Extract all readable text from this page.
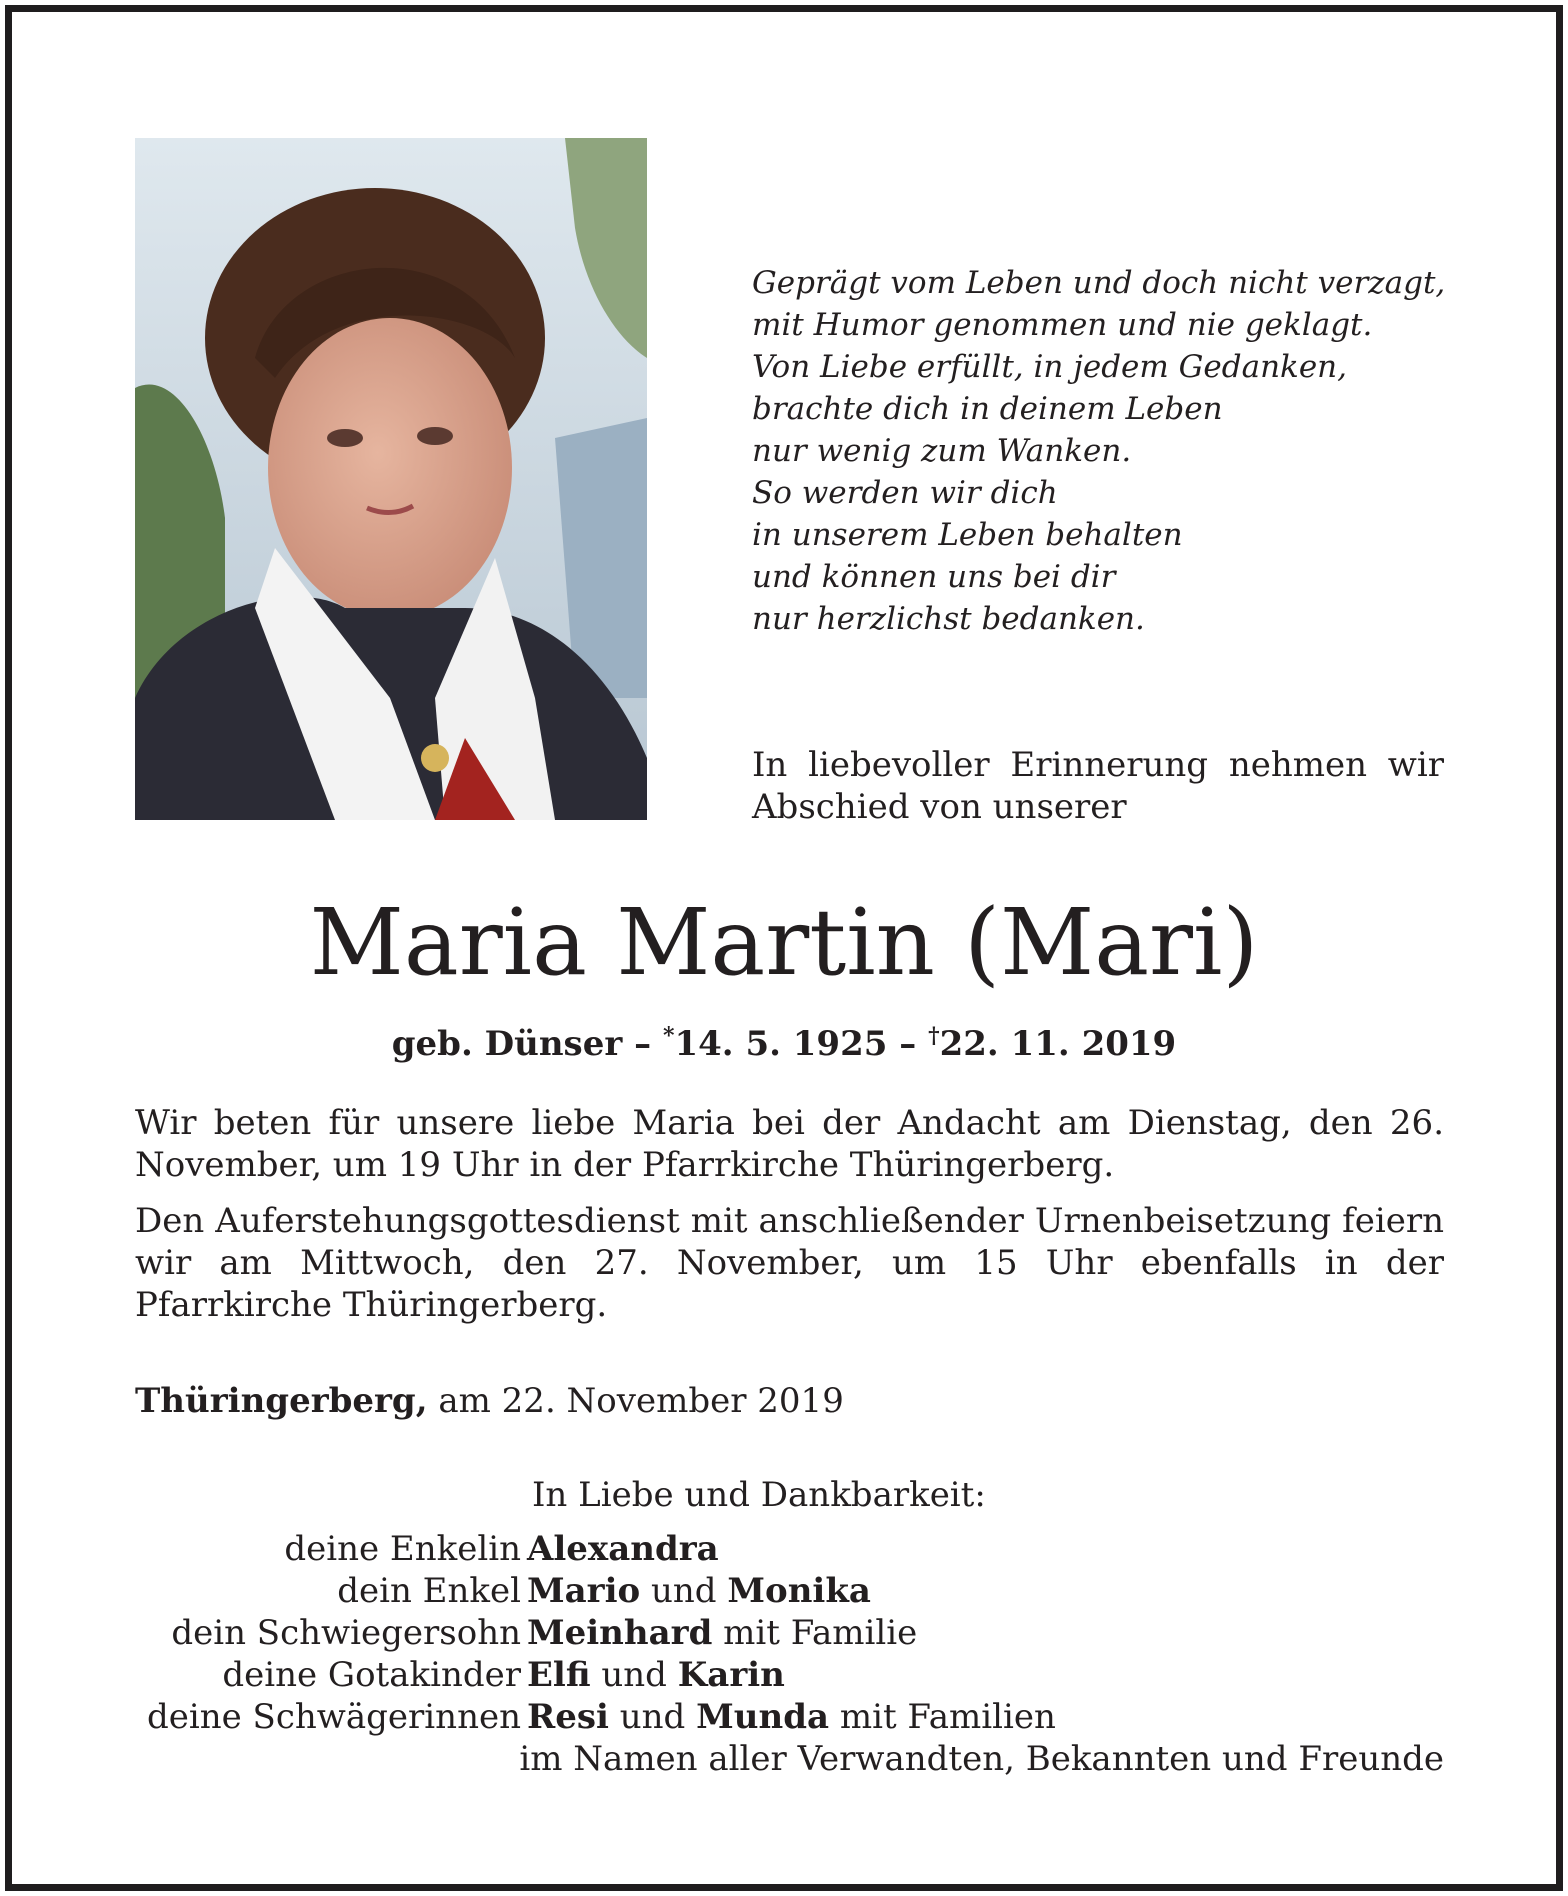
Geprägt vom Leben und doch nicht verzagt,
mit Humor genommen und nie geklagt.
Von Liebe erfüllt, in jedem Gedanken,
brachte dich in deinem Leben
nur wenig zum Wanken.
So werden wir dich
in unserem Leben behalten
und können uns bei dir
nur herzlichst bedanken.

In liebevoller Erinnerung nehmen wir Abschied von unserer

Maria Martin (Mari)

geb. Dünser – *14. 5. 1925 – †22. 11. 2019

Wir beten für unsere liebe Maria bei der Andacht am Dienstag, den 26. November, um 19 Uhr in der Pfarrkirche Thüringerberg.

Den Auferstehungsgottesdienst mit anschließender Urnenbeisetzung feiern wir am Mittwoch, den 27. November, um 15 Uhr ebenfalls in der Pfarrkirche Thüringerberg.

Thüringerberg, am 22. November 2019

In Liebe und Dankbarkeit:

deine Enkelin Alexandra
dein Enkel Mario und Monika
dein Schwiegersohn Meinhard mit Familie
deine Gotakinder Elfi und Karin
deine Schwägerinnen Resi und Munda mit Familien
im Namen aller Verwandten, Bekannten und Freunde
